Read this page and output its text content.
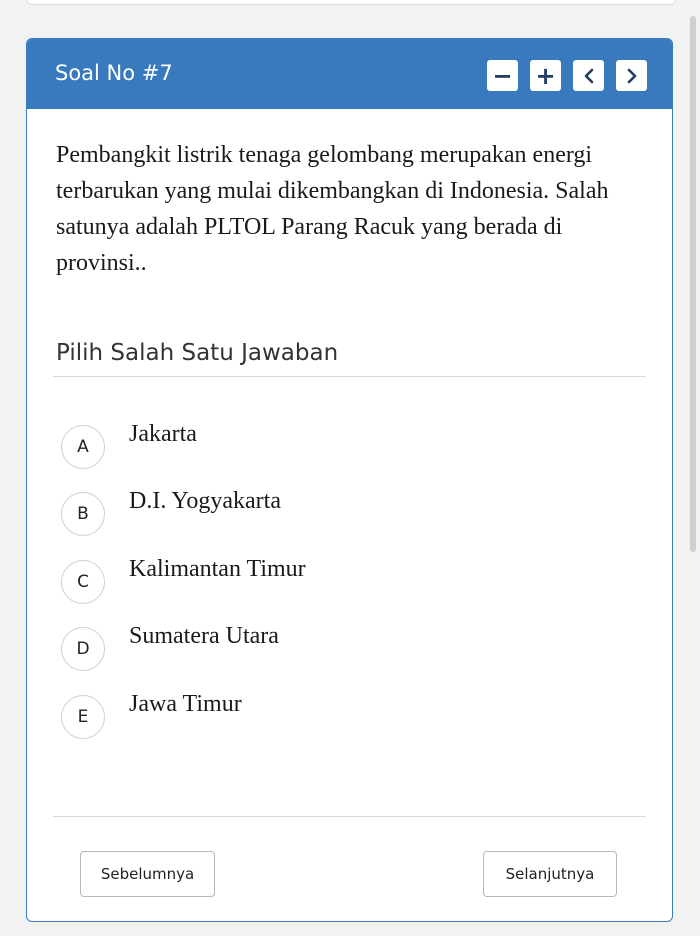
Soal No #7	− +
Pembangkit listrik tenaga gelombang merupakan energi terbarukan yang mulai dikembangkan di Indonesia. Salah satunya adalah PLTOL Parang Racuk yang berada di provinsi..
Pilih Salah Satu Jawaban
A	Jakarta
B	D.I. Yogyakarta
C	Kalimantan Timur
D	Sumatera Utara
E	Jawa Timur
Sebelumnya	Selanjutnya
